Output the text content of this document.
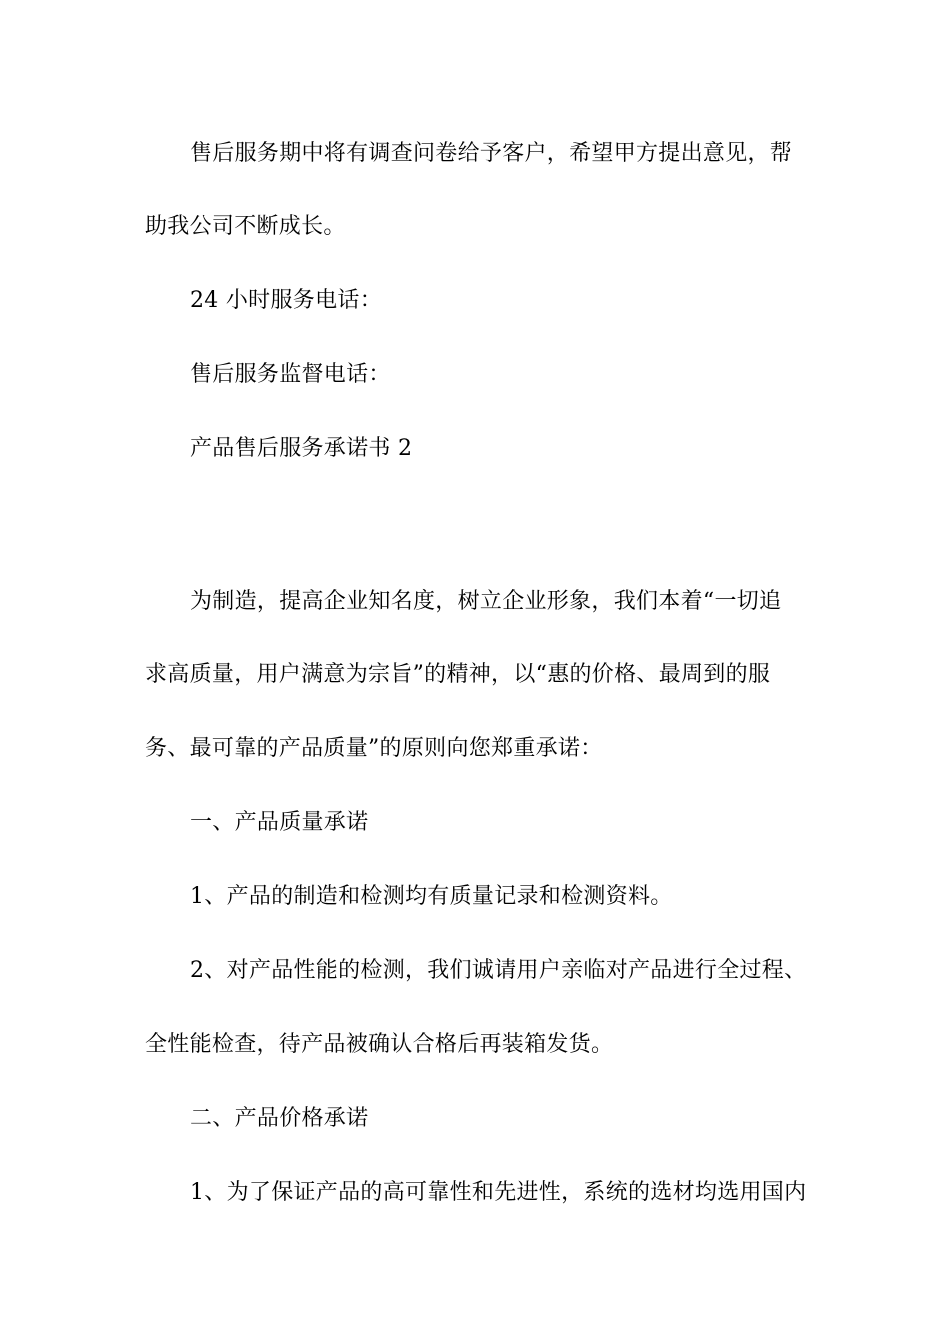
售后服务期中将有调查问卷给予客户，希望甲方提出意见，帮
助我公司不断成长。
24 小时服务电话：
售后服务监督电话：
产品售后服务承诺书 2
为制造，提高企业知名度，树立企业形象，我们本着“一切追
求高质量，用户满意为宗旨”的精神，以“惠的价格、最周到的服
务、最可靠的产品质量”的原则向您郑重承诺：
一、产品质量承诺
1、产品的制造和检测均有质量记录和检测资料。
2、对产品性能的检测，我们诚请用户亲临对产品进行全过程、
全性能检查，待产品被确认合格后再装箱发货。
二、产品价格承诺
1、为了保证产品的高可靠性和先进性，系统的选材均选用国内
